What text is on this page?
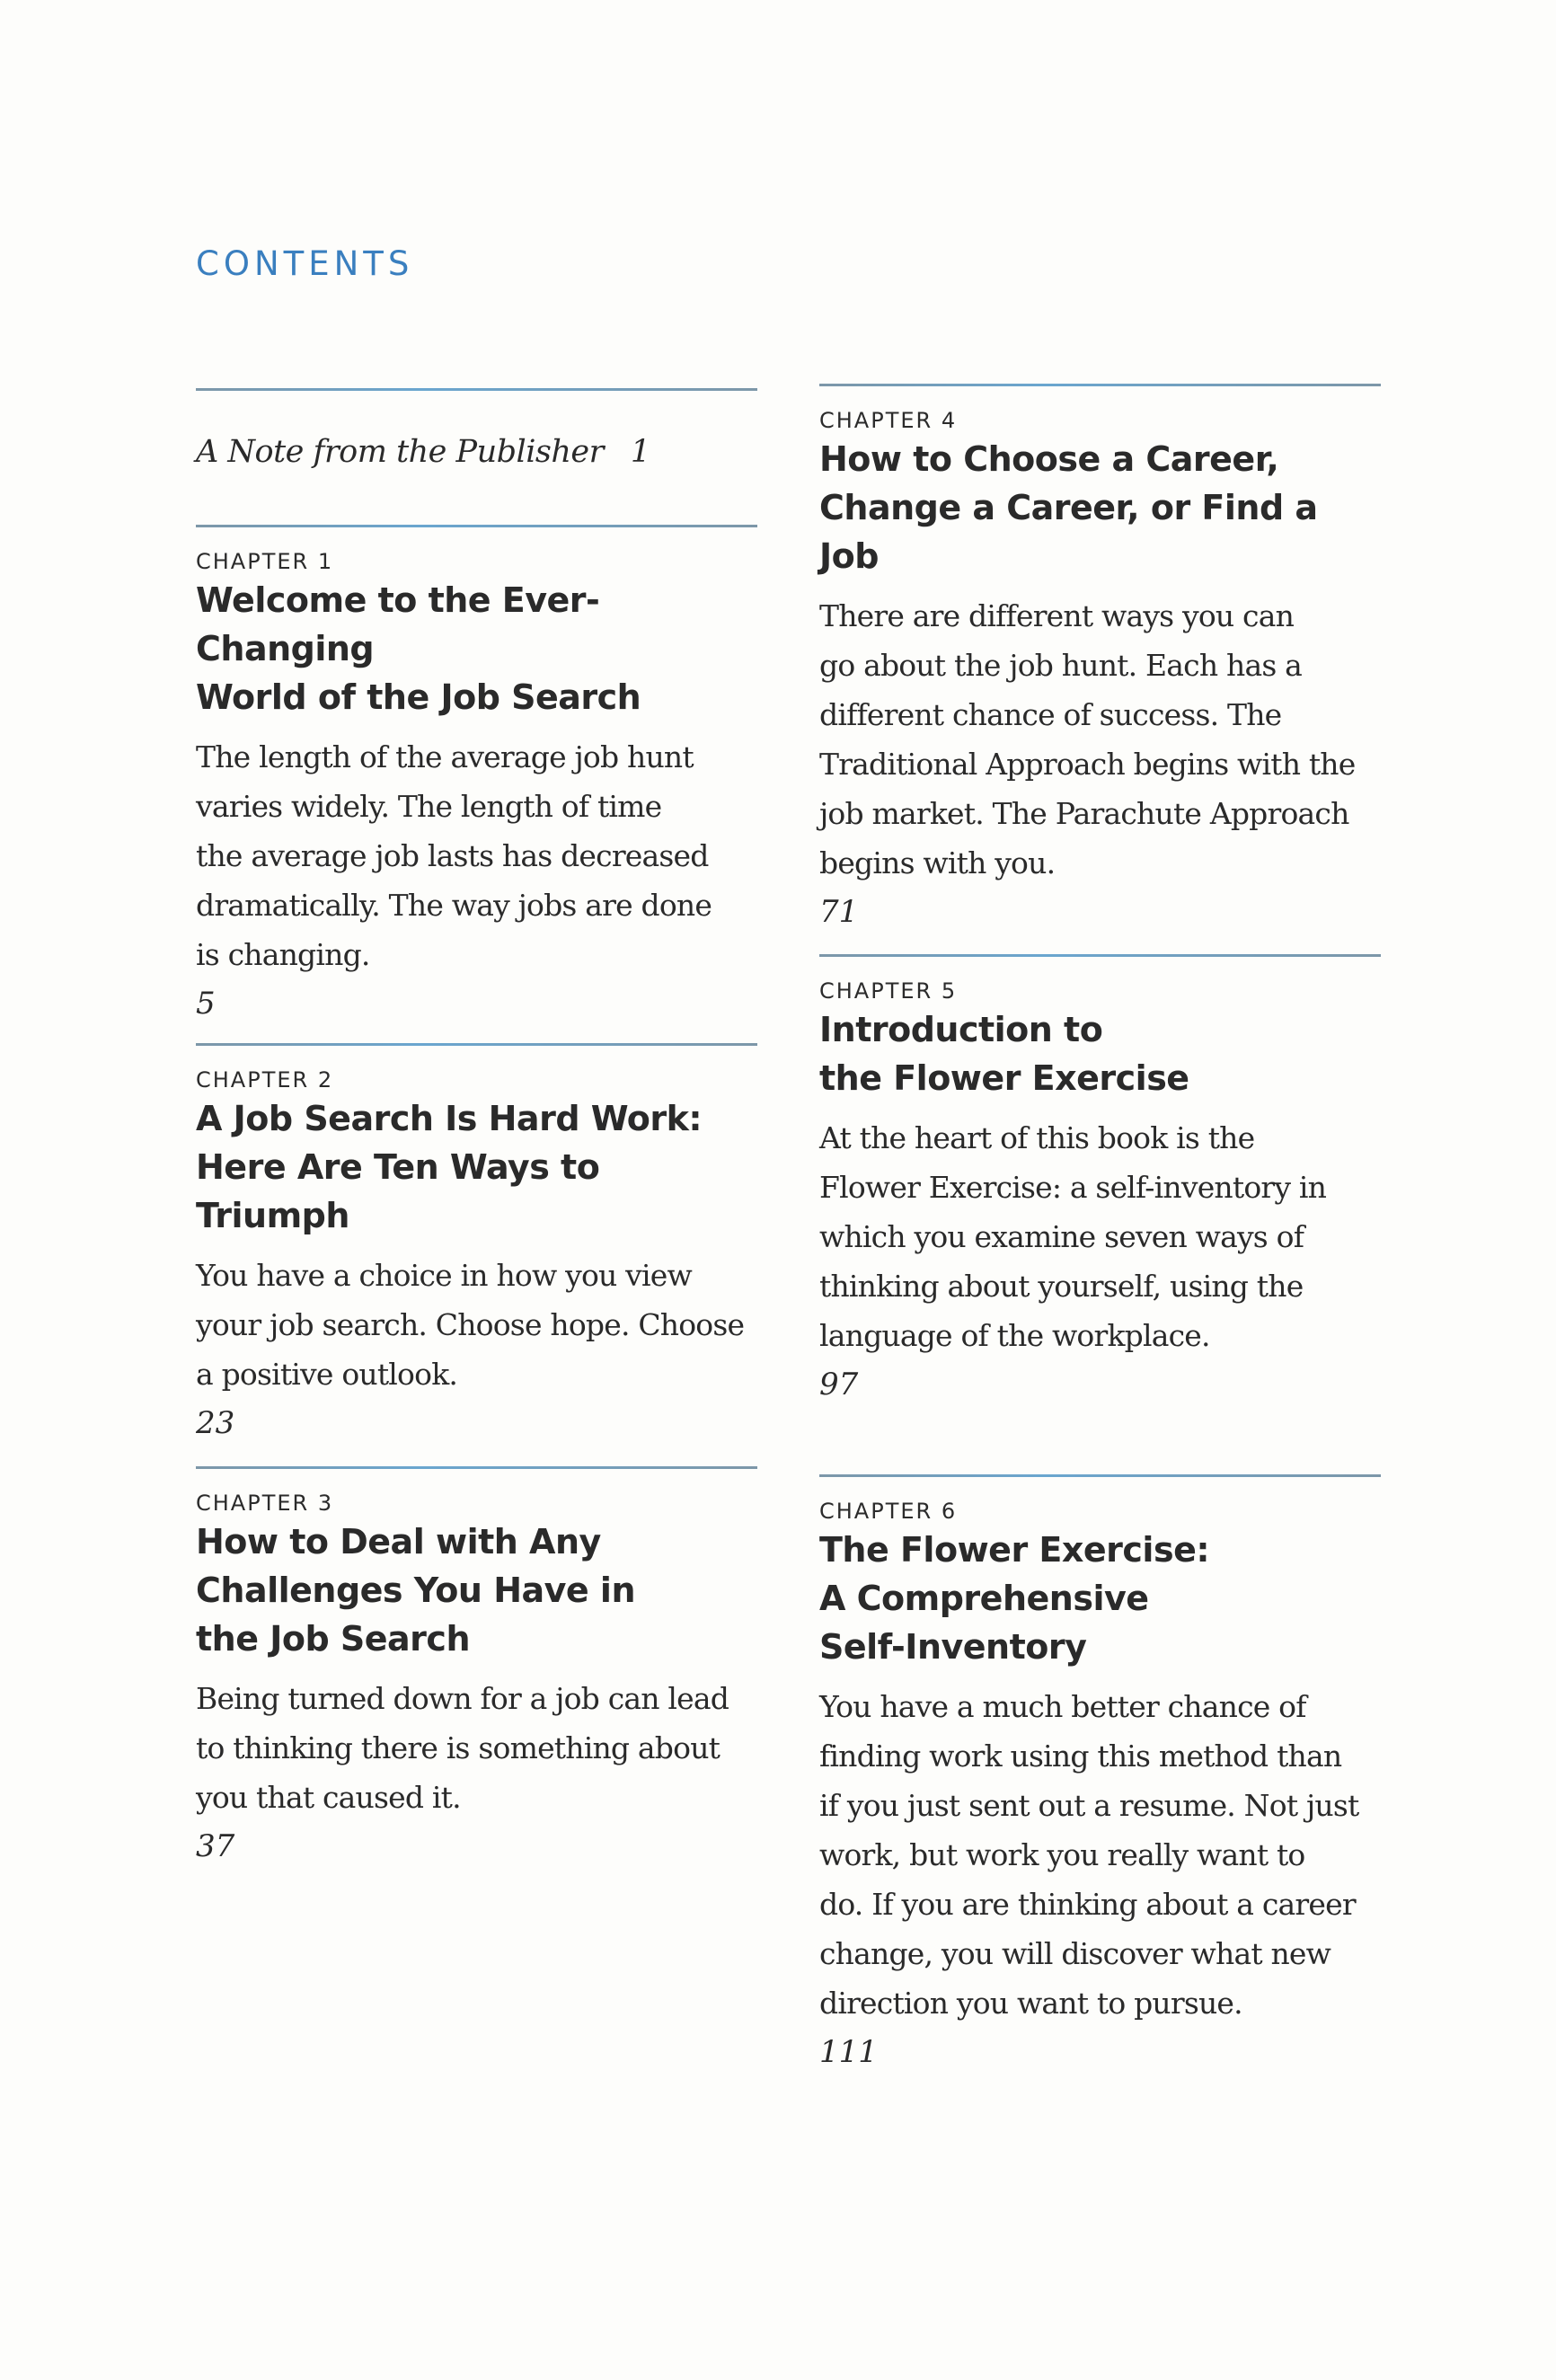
CONTENTS
A Note from the Publisher 1
CHAPTER 1
Welcome to the Ever-Changing
World of the Job Search
The length of the average job hunt
varies widely. The length of time
the average job lasts has decreased
dramatically. The way jobs are done
is changing.
5
CHAPTER 2
A Job Search Is Hard Work:
Here Are Ten Ways to Triumph
You have a choice in how you view
your job search. Choose hope. Choose
a positive outlook.
23
CHAPTER 3
How to Deal with Any
Challenges You Have in
the Job Search
Being turned down for a job can lead
to thinking there is something about
you that caused it.
37
CHAPTER 4
How to Choose a Career,
Change a Career, or Find a Job
There are different ways you can
go about the job hunt. Each has a
different chance of success. The
Traditional Approach begins with the
job market. The Parachute Approach
begins with you.
71
CHAPTER 5
Introduction to
the Flower Exercise
At the heart of this book is the
Flower Exercise: a self-inventory in
which you examine seven ways of
thinking about yourself, using the
language of the workplace.
97
CHAPTER 6
The Flower Exercise:
A Comprehensive
Self-Inventory
You have a much better chance of
finding work using this method than
if you just sent out a resume. Not just
work, but work you really want to
do. If you are thinking about a career
change, you will discover what new
direction you want to pursue.
111
